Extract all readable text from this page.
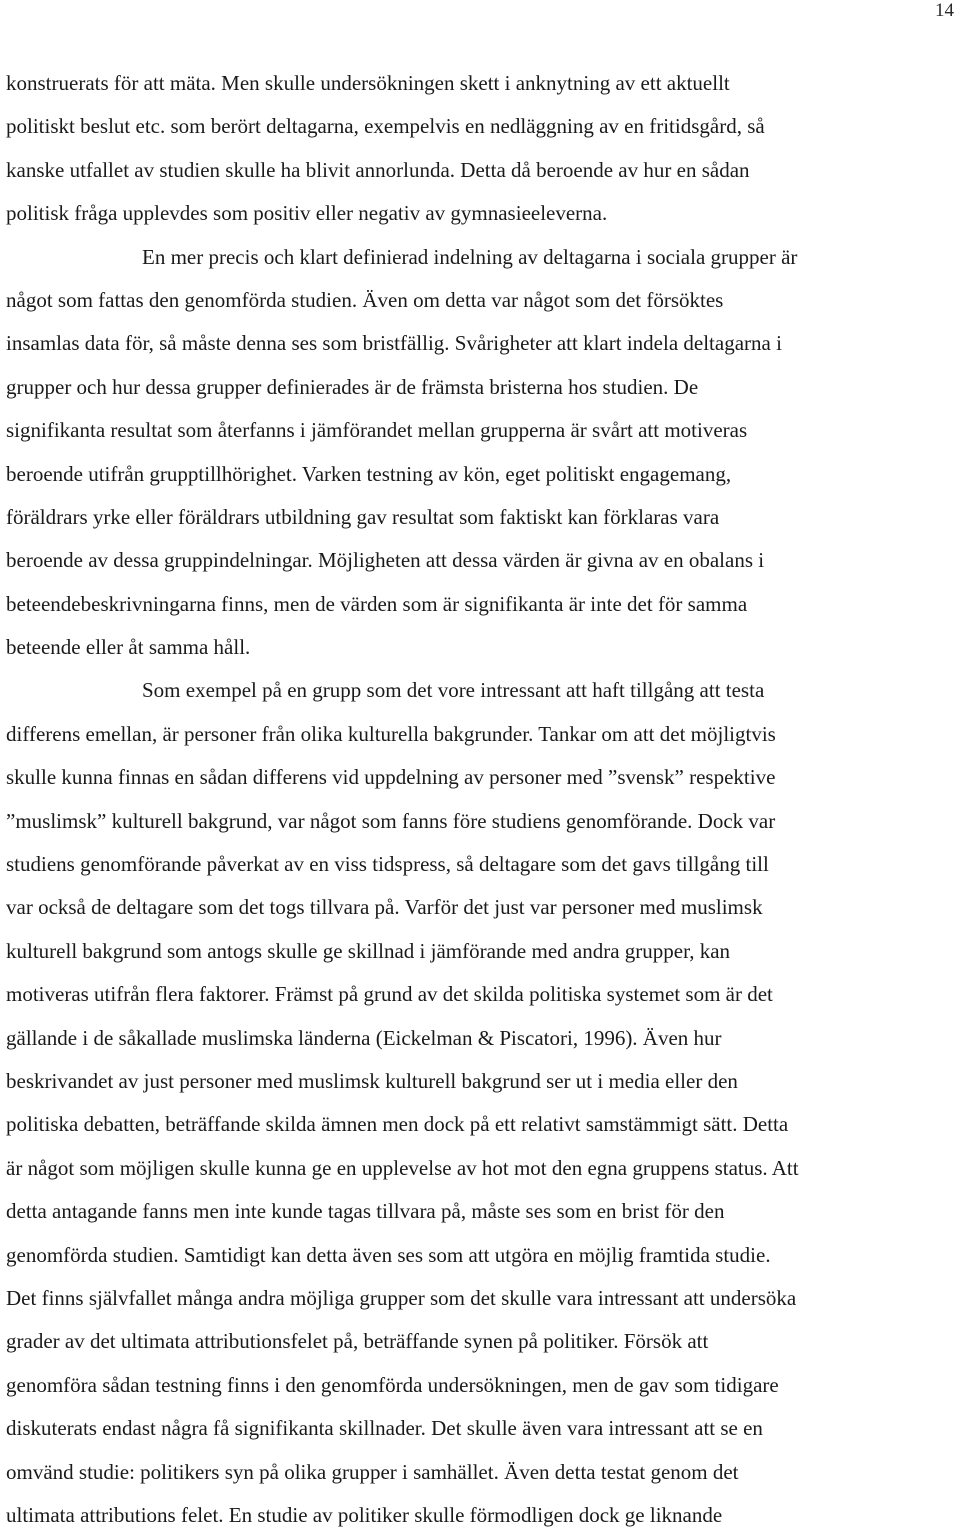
14
konstruerats för att mäta. Men skulle undersökningen skett i anknytning av ett aktuellt
politiskt beslut etc. som berört deltagarna, exempelvis en nedläggning av en fritidsgård, så
kanske utfallet av studien skulle ha blivit annorlunda. Detta då beroende av hur en sådan
politisk fråga upplevdes som positiv eller negativ av gymnasieeleverna.
En mer precis och klart definierad indelning av deltagarna i sociala grupper är
något som fattas den genomförda studien. Även om detta var något som det försöktes
insamlas data för, så måste denna ses som bristfällig. Svårigheter att klart indela deltagarna i
grupper och hur dessa grupper definierades är de främsta bristerna hos studien. De
signifikanta resultat som återfanns i jämförandet mellan grupperna är svårt att motiveras
beroende utifrån grupptillhörighet. Varken testning av kön, eget politiskt engagemang,
föräldrars yrke eller föräldrars utbildning gav resultat som faktiskt kan förklaras vara
beroende av dessa gruppindelningar. Möjligheten att dessa värden är givna av en obalans i
beteendebeskrivningarna finns, men de värden som är signifikanta är inte det för samma
beteende eller åt samma håll.
Som exempel på en grupp som det vore intressant att haft tillgång att testa
differens emellan, är personer från olika kulturella bakgrunder. Tankar om att det möjligtvis
skulle kunna finnas en sådan differens vid uppdelning av personer med ”svensk” respektive
”muslimsk” kulturell bakgrund, var något som fanns före studiens genomförande. Dock var
studiens genomförande påverkat av en viss tidspress, så deltagare som det gavs tillgång till
var också de deltagare som det togs tillvara på. Varför det just var personer med muslimsk
kulturell bakgrund som antogs skulle ge skillnad i jämförande med andra grupper, kan
motiveras utifrån flera faktorer. Främst på grund av det skilda politiska systemet som är det
gällande i de såkallade muslimska länderna (Eickelman & Piscatori, 1996). Även hur
beskrivandet av just personer med muslimsk kulturell bakgrund ser ut i media eller den
politiska debatten, beträffande skilda ämnen men dock på ett relativt samstämmigt sätt. Detta
är något som möjligen skulle kunna ge en upplevelse av hot mot den egna gruppens status. Att
detta antagande fanns men inte kunde tagas tillvara på, måste ses som en brist för den
genomförda studien. Samtidigt kan detta även ses som att utgöra en möjlig framtida studie.
Det finns självfallet många andra möjliga grupper som det skulle vara intressant att undersöka
grader av det ultimata attributionsfelet på, beträffande synen på politiker. Försök att
genomföra sådan testning finns i den genomförda undersökningen, men de gav som tidigare
diskuterats endast några få signifikanta skillnader. Det skulle även vara intressant att se en
omvänd studie: politikers syn på olika grupper i samhället. Även detta testat genom det
ultimata attributions felet. En studie av politiker skulle förmodligen dock ge liknande
